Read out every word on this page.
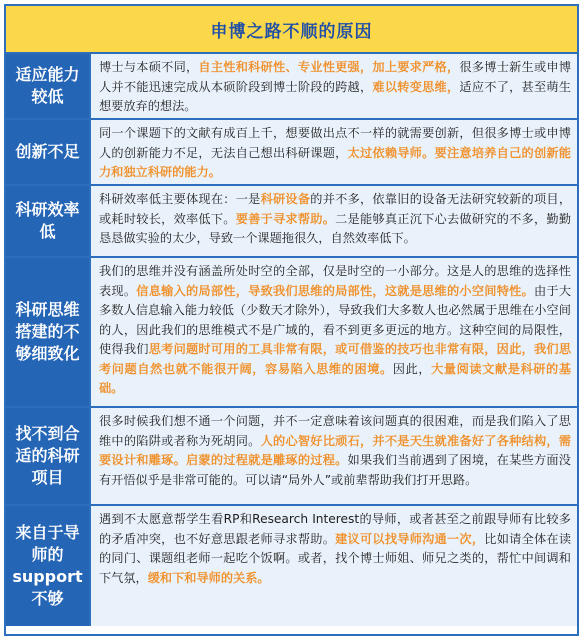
申博之路不顺的原因
适应能力较低
博士与本硕不同，自主性和科研性、专业性更强，加上要求严格，很多博士新生或申博人并不能迅速完成从本硕阶段到博士阶段的跨越，难以转变思维，适应不了，甚至萌生想要放弃的想法。
创新不足
同一个课题下的文献有成百上千，想要做出点不一样的就需要创新，但很多博士或申博人的创新能力不足，无法自己想出科研课题，太过依赖导师。要注意培养自己的创新能力和独立科研的能力。
科研效率低
科研效率低主要体现在：一是科研设备的并不多，依靠旧的设备无法研究较新的项目，或耗时较长，效率低下。要善于寻求帮助。二是能够真正沉下心去做研究的不多，勤勤恳恳做实验的太少，导致一个课题拖很久，自然效率低下。
科研思维搭建的不够细致化
我们的思维并没有涵盖所处时空的全部，仅是时空的一小部分。这是人的思维的选择性表现。信息输入的局部性，导致我们思维的局部性，这就是思维的小空间特性。由于大多数人信息输入能力较低（少数天才除外），导致我们大多数人也必然属于思维在小空间的人，因此我们的思维模式不是广域的，看不到更多更远的地方。这种空间的局限性，使得我们思考问题时可用的工具非常有限，或可借鉴的技巧也非常有限，因此，我们思考问题自然也就不能很开阔，容易陷入思维的困境。因此，大量阅读文献是科研的基础。
找不到合适的科研项目
很多时候我们想不通一个问题，并不一定意味着该问题真的很困难，而是我们陷入了思维中的陷阱或者称为死胡同。人的心智好比顽石，并不是天生就准备好了各种结构，需要设计和雕琢。启蒙的过程就是雕琢的过程。如果我们当前遇到了困境，在某些方面没有开悟似乎是非常可能的。可以请“局外人”或前辈帮助我们打开思路。
来自于导师的support不够
遇到不太愿意帮学生看RP和Research Interest的导师，或者甚至之前跟导师有比较多的矛盾冲突，也不好意思跟老师寻求帮助。建议可以找导师沟通一次，比如请全体在读的同门、课题组老师一起吃个饭啊。或者，找个博士师姐、师兄之类的，帮忙中间调和下气氛，缓和下和导师的关系。
